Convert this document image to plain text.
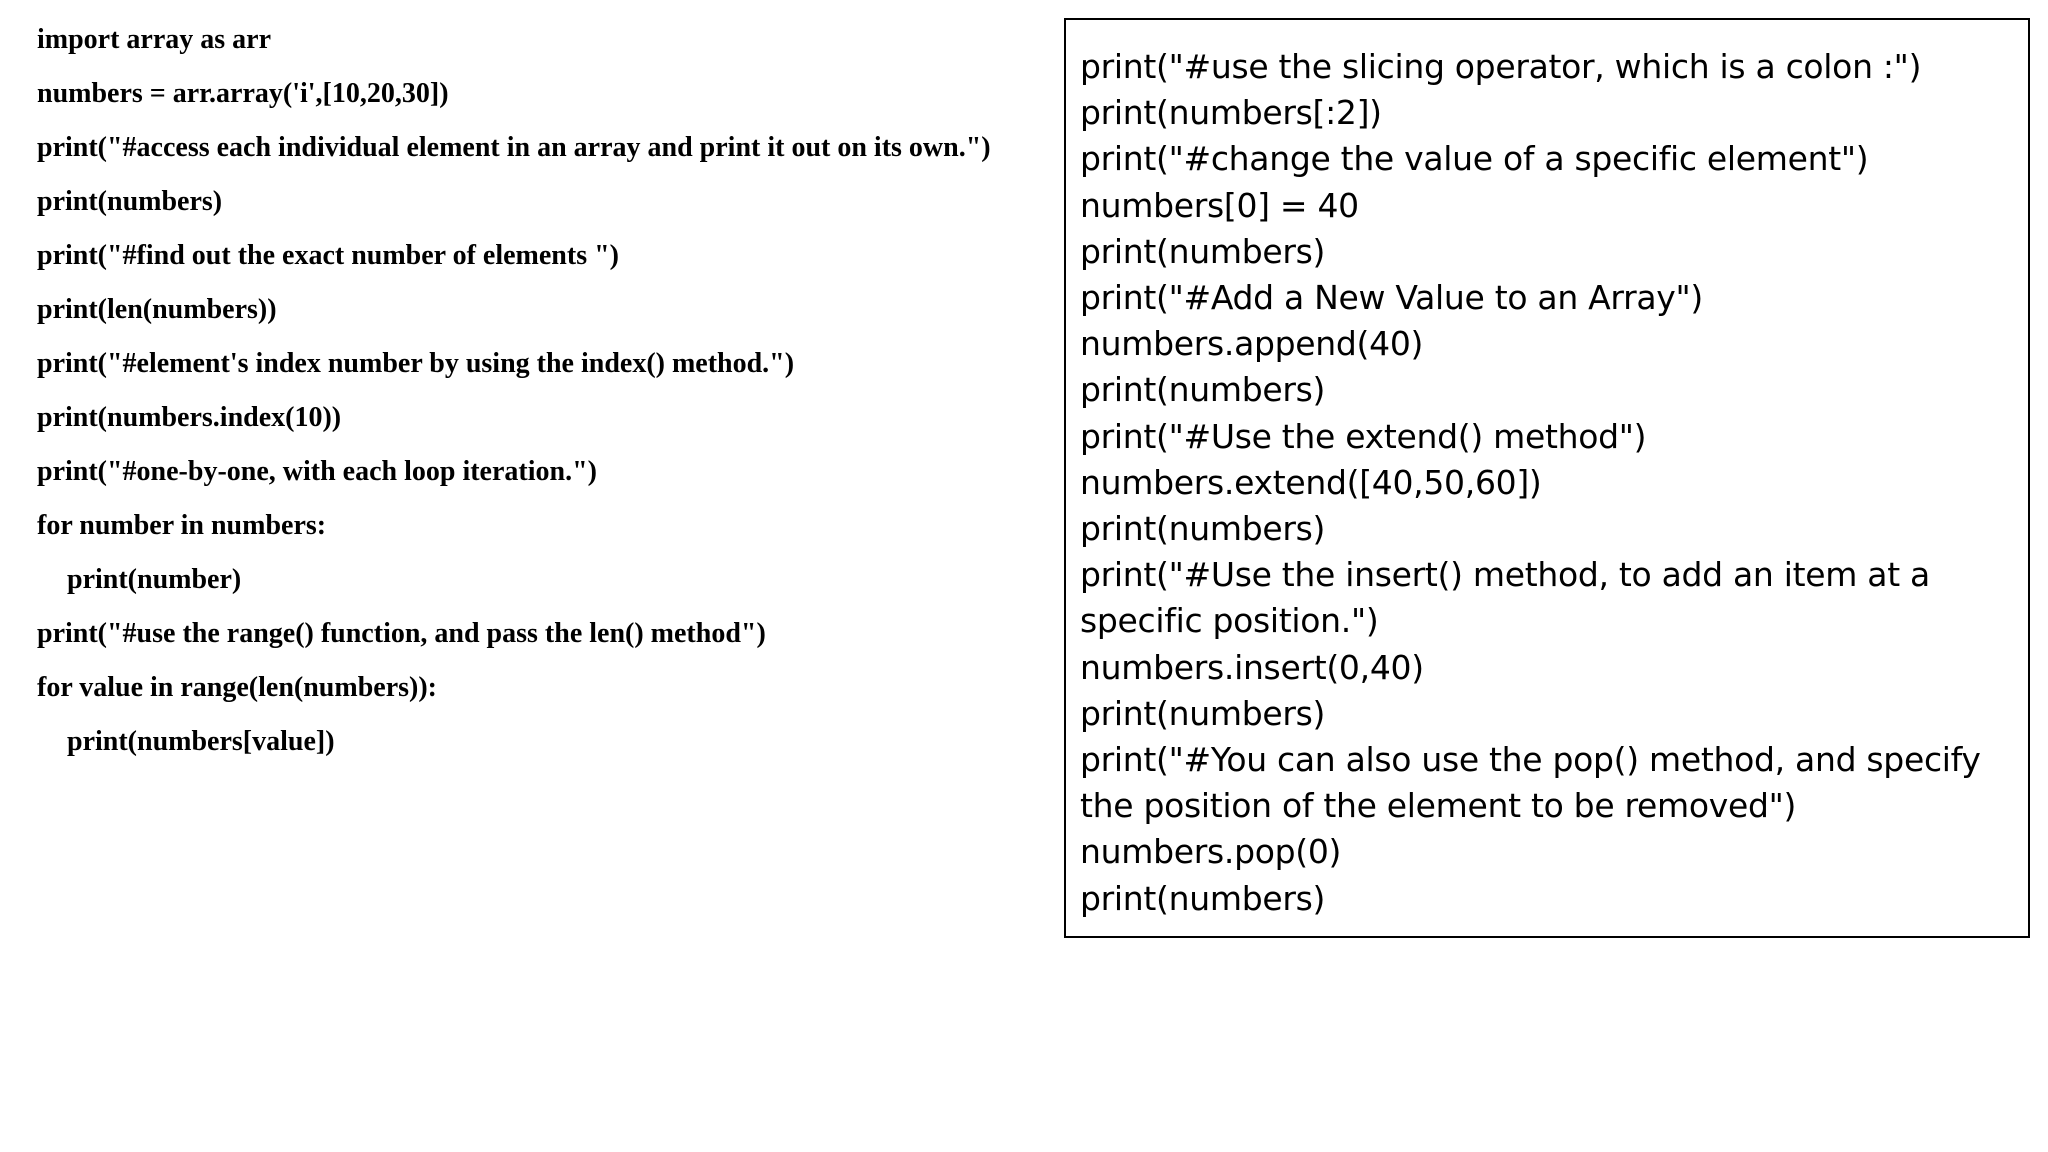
import array as arr
numbers = arr.array('i',[10,20,30])
print("#access each individual element in an array and print it out on its own.")
print(numbers)
print("#find out the exact number of elements ")
print(len(numbers))
print("#element's index number by using the index() method.")
print(numbers.index(10))
print("#one-by-one, with each loop iteration.")
for number in numbers:
print(number)
print("#use the range() function, and pass the len() method")
for value in range(len(numbers)):
print(numbers[value])
print("#use the slicing operator, which is a colon :")
print(numbers[:2])
print("#change the value of a specific element")
numbers[0] = 40
print(numbers)
print("#Add a New Value to an Array")
numbers.append(40)
print(numbers)
print("#Use the extend() method")
numbers.extend([40,50,60])
print(numbers)
print("#Use the insert() method, to add an item at a specific position.")
numbers.insert(0,40)
print(numbers)
print("#You can also use the pop() method, and specify the position of the element to be removed")
numbers.pop(0)
print(numbers)
